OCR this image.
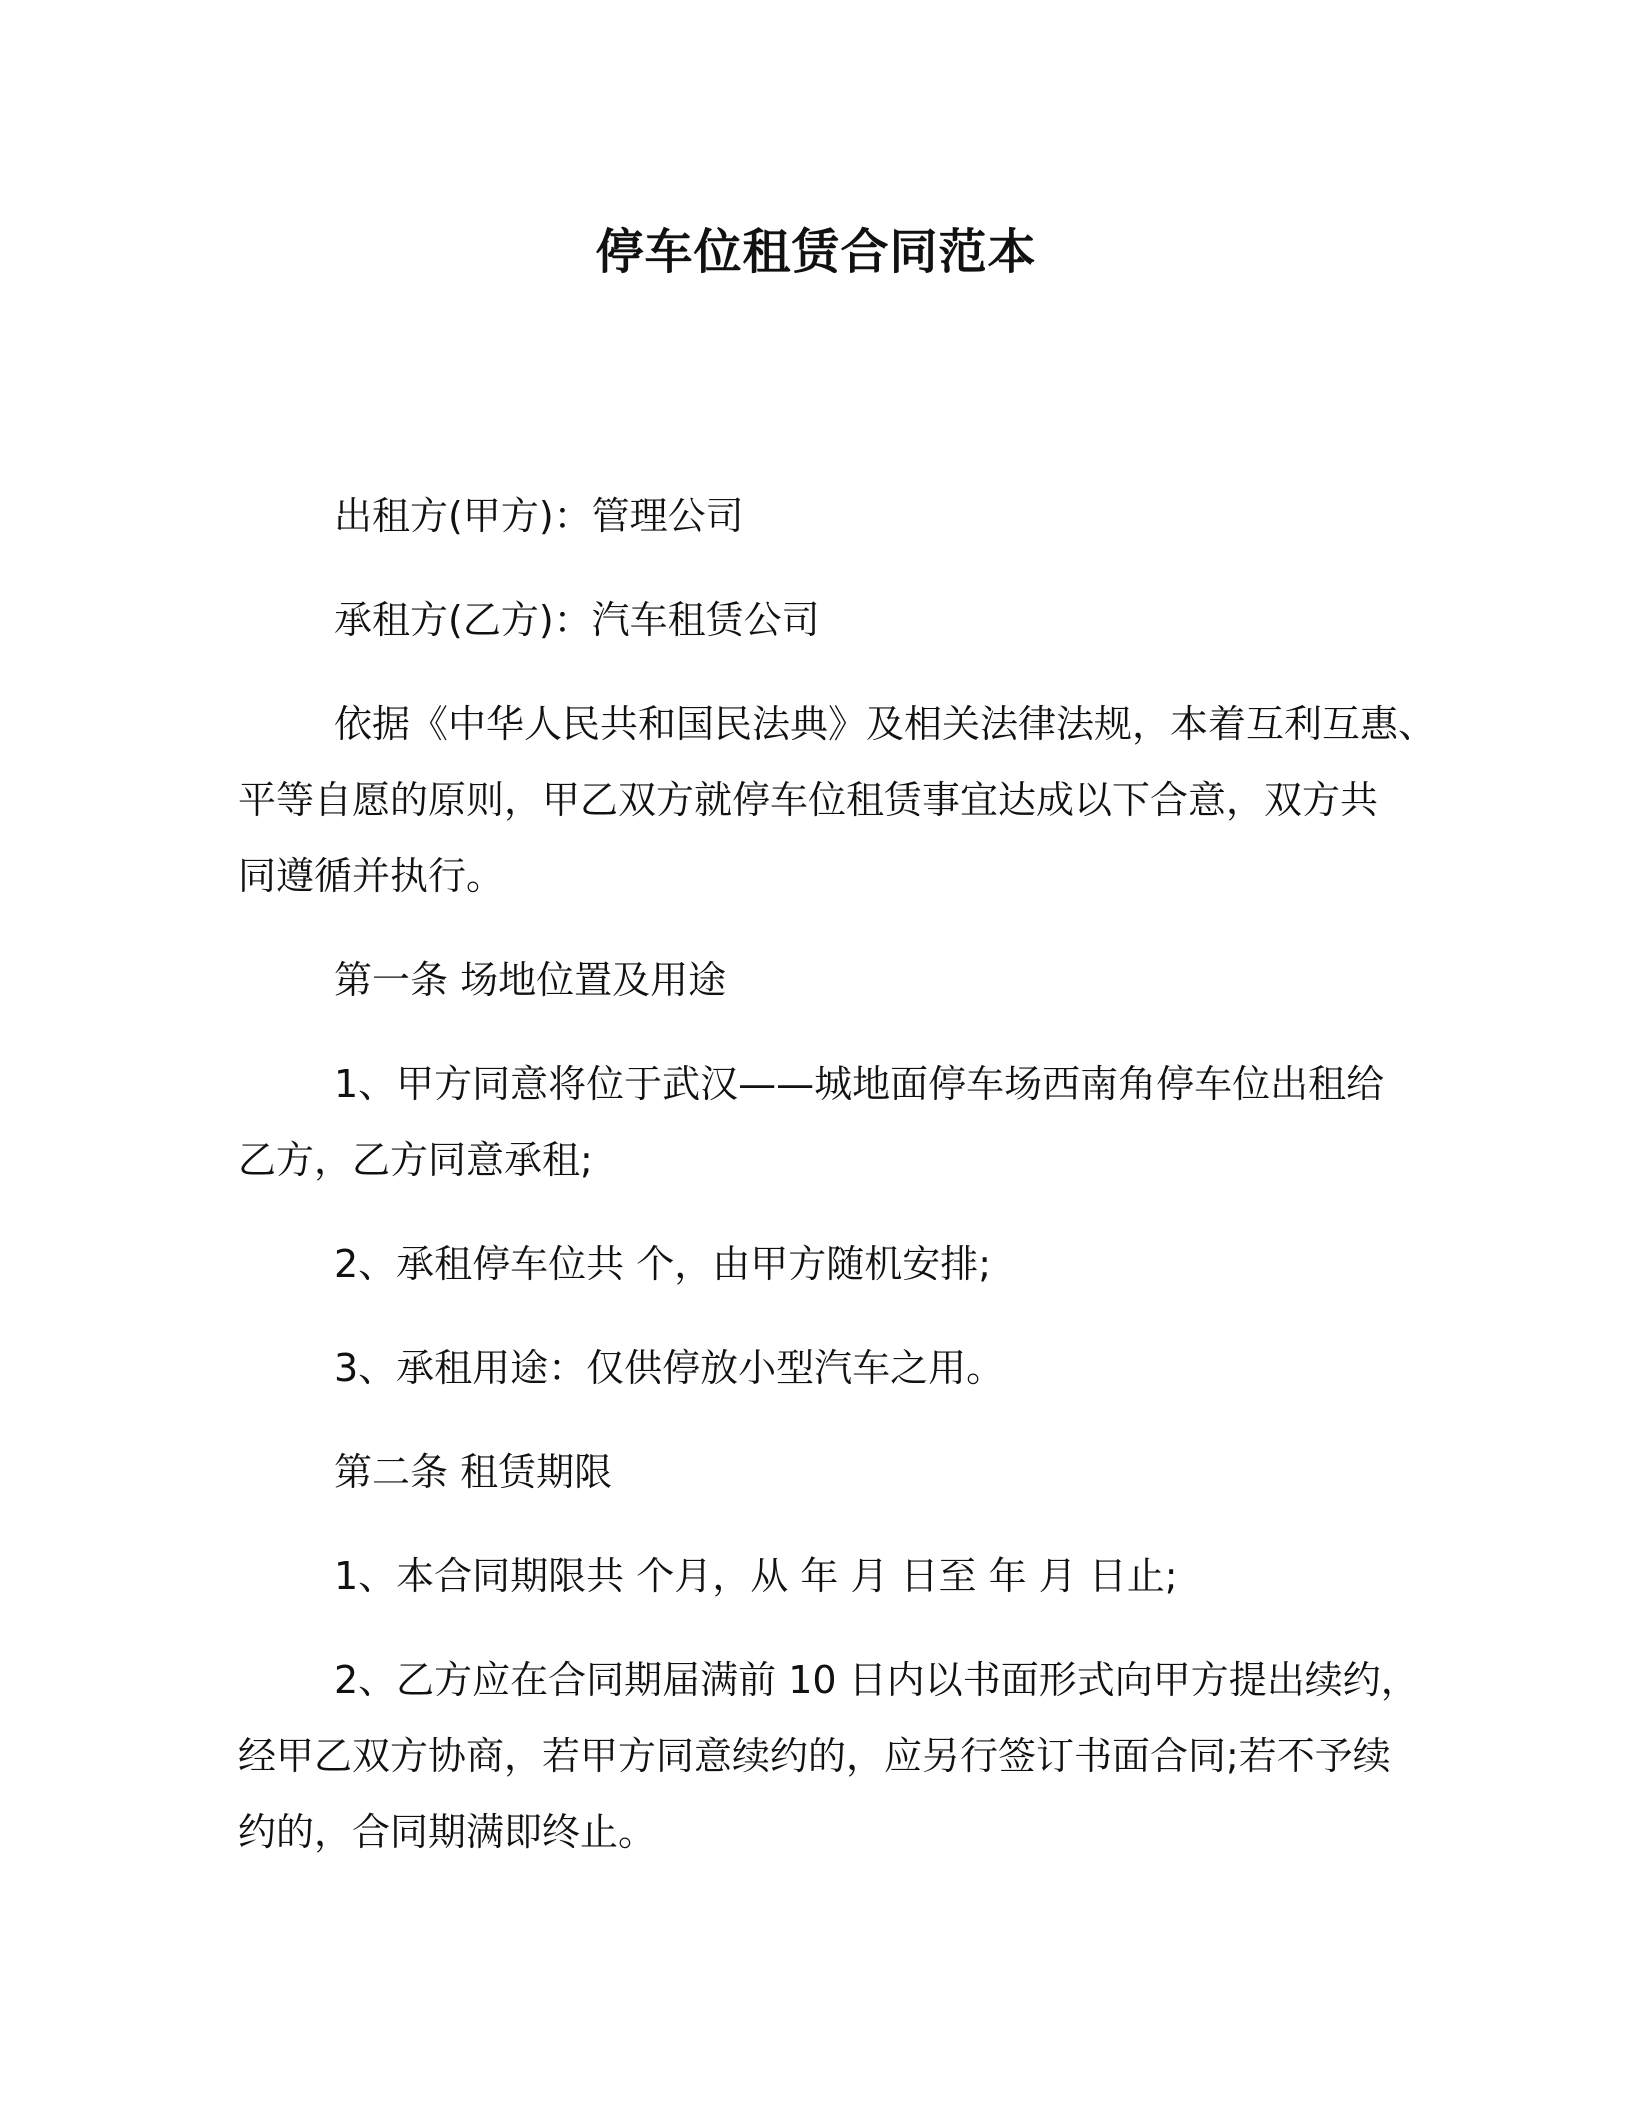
停车位租赁合同范本
出租方(甲方)：管理公司
承租方(乙方)：汽车租赁公司
依据《中华人民共和国民法典》及相关法律法规，本着互利互惠、
平等自愿的原则，甲乙双方就停车位租赁事宜达成以下合意，双方共
同遵循并执行。
第一条 场地位置及用途
1、甲方同意将位于武汉——城地面停车场西南角停车位出租给
乙方，乙方同意承租;
2、承租停车位共 个，由甲方随机安排;
3、承租用途：仅供停放小型汽车之用。
第二条 租赁期限
1、本合同期限共 个月，从 年 月 日至 年 月 日止;
2、乙方应在合同期届满前 10 日内以书面形式向甲方提出续约，
经甲乙双方协商，若甲方同意续约的，应另行签订书面合同;若不予续
约的，合同期满即终止。
